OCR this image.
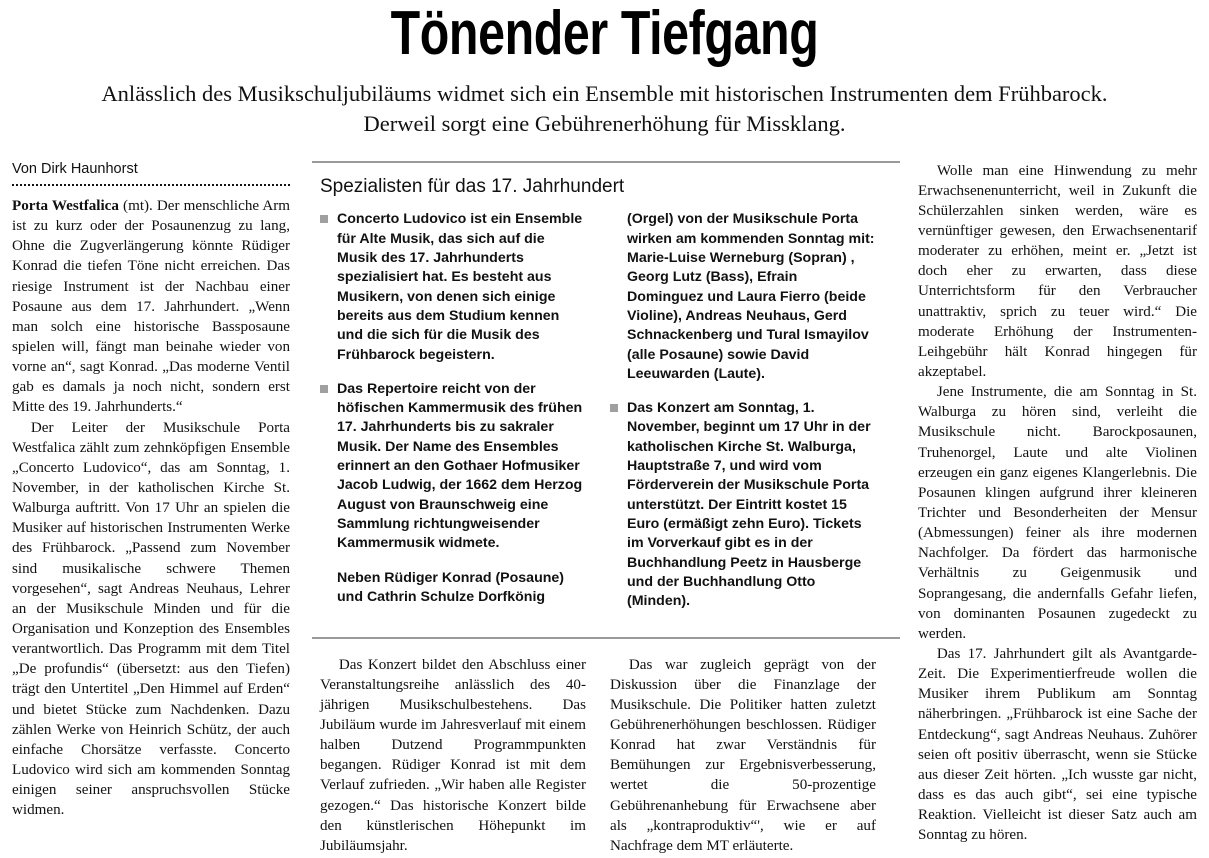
Tönender Tiefgang

Anlässlich des Musikschuljubiläums widmet sich ein Ensemble mit historischen Instrumenten dem Frühbarock. Derweil sorgt eine Gebührenerhöhung für Missklang.

Von Dirk Haunhorst

Porta Westfalica (mt). Der menschliche Arm ist zu kurz oder der Posaunenzug zu lang, Ohne die Zugverlängerung könnte Rüdiger Konrad die tiefen Töne nicht erreichen. Das riesige Instrument ist der Nachbau einer Posaune aus dem 17. Jahrhundert. „Wenn man solch eine historische Bassposaune spielen will, fängt man beinahe wieder von vorne an“, sagt Konrad. „Das moderne Ventil gab es damals ja noch nicht, sondern erst Mitte des 19. Jahrhunderts.“

Der Leiter der Musikschule Porta Westfalica zählt zum zehnköpfigen Ensemble „Concerto Ludovico“, das am Sonntag, 1. November, in der katholischen Kirche St. Walburga auftritt. Von 17 Uhr an spielen die Musiker auf historischen Instrumenten Werke des Frühbarock. „Passend zum November sind musikalische schwere Themen vorgesehen“, sagt Andreas Neuhaus, Lehrer an der Musikschule Minden und für die Organisation und Konzeption des Ensembles verantwortlich. Das Programm mit dem Titel „De profundis“ (übersetzt: aus den Tiefen) trägt den Untertitel „Den Himmel auf Erden“ und bietet Stücke zum Nachdenken. Dazu zählen Werke von Heinrich Schütz, der auch einfache Chorsätze verfasste. Concerto Ludovico wird sich am kommenden Sonntag einigen seiner anspruchsvollen Stücke widmen.

Spezialisten für das 17. Jahrhundert

Concerto Ludovico ist ein Ensemble für Alte Musik, das sich auf die Musik des 17. Jahrhunderts spezialisiert hat. Es besteht aus Musikern, von denen sich einige bereits aus dem Studium kennen und die sich für die Musik des Frühbarock begeistern.

Das Repertoire reicht von der höfischen Kammermusik des frühen 17. Jahrhunderts bis zu sakraler Musik. Der Name des Ensembles erinnert an den Gothaer Hofmusiker Jacob Ludwig, der 1662 dem Herzog August von Braunschweig eine Sammlung richtungweisender Kammermusik widmete.

Neben Rüdiger Konrad (Posaune) und Cathrin Schulze Dorfkönig

(Orgel) von der Musikschule Porta wirken am kommenden Sonntag mit: Marie-Luise Werneburg (Sopran) , Georg Lutz (Bass), Efrain Dominguez und Laura Fierro (beide Violine), Andreas Neuhaus, Gerd Schnackenberg und Tural Ismayilov (alle Posaune) sowie David Leeuwarden (Laute).

Das Konzert am Sonntag, 1. November, beginnt um 17 Uhr in der katholischen Kirche St. Walburga, Hauptstraße 7, und wird vom Förderverein der Musikschule Porta unterstützt. Der Eintritt kostet 15 Euro (ermäßigt zehn Euro). Tickets im Vorverkauf gibt es in der Buchhandlung Peetz in Hausberge und der Buchhandlung Otto (Minden).

Das Konzert bildet den Abschluss einer Veranstaltungsreihe anlässlich des 40-jährigen Musikschulbestehens. Das Jubiläum wurde im Jahresverlauf mit einem halben Dutzend Programmpunkten begangen. Rüdiger Konrad ist mit dem Verlauf zufrieden. „Wir haben alle Register gezogen.“ Das historische Konzert bilde den künstlerischen Höhepunkt im Jubiläumsjahr.

Das war zugleich geprägt von der Diskussion über die Finanzlage der Musikschule. Die Politiker hatten zuletzt Gebührenerhöhungen beschlossen. Rüdiger Konrad hat zwar Verständnis für Bemühungen zur Ergebnisverbesserung, wertet die 50-prozentige Gebührenanhebung für Erwachsene aber als „kontraproduktiv“', wie er auf Nachfrage dem MT erläuterte.

Wolle man eine Hinwendung zu mehr Erwachsenenunterricht, weil in Zukunft die Schülerzahlen sinken werden, wäre es vernünftiger gewesen, den Erwachsenentarif moderater zu erhöhen, meint er. „Jetzt ist doch eher zu erwarten, dass diese Unterrichtsform für den Verbraucher unattraktiv, sprich zu teuer wird.“ Die moderate Erhöhung der Instrumenten-Leihgebühr hält Konrad hingegen für akzeptabel.

Jene Instrumente, die am Sonntag in St. Walburga zu hören sind, verleiht die Musikschule nicht. Barockposaunen, Truhenorgel, Laute und alte Violinen erzeugen ein ganz eigenes Klangerlebnis. Die Posaunen klingen aufgrund ihrer kleineren Trichter und Besonderheiten der Mensur (Abmessungen) feiner als ihre modernen Nachfolger. Da fördert das harmonische Verhältnis zu Geigenmusik und Soprangesang, die andernfalls Gefahr liefen, von dominanten Posaunen zugedeckt zu werden.

Das 17. Jahrhundert gilt als Avantgarde-Zeit. Die Experimentierfreude wollen die Musiker ihrem Publikum am Sonntag näherbringen. „Frühbarock ist eine Sache der Entdeckung“, sagt Andreas Neuhaus. Zuhörer seien oft positiv überrascht, wenn sie Stücke aus dieser Zeit hörten. „Ich wusste gar nicht, dass es das auch gibt“, sei eine typische Reaktion. Vielleicht ist dieser Satz auch am Sonntag zu hören.
